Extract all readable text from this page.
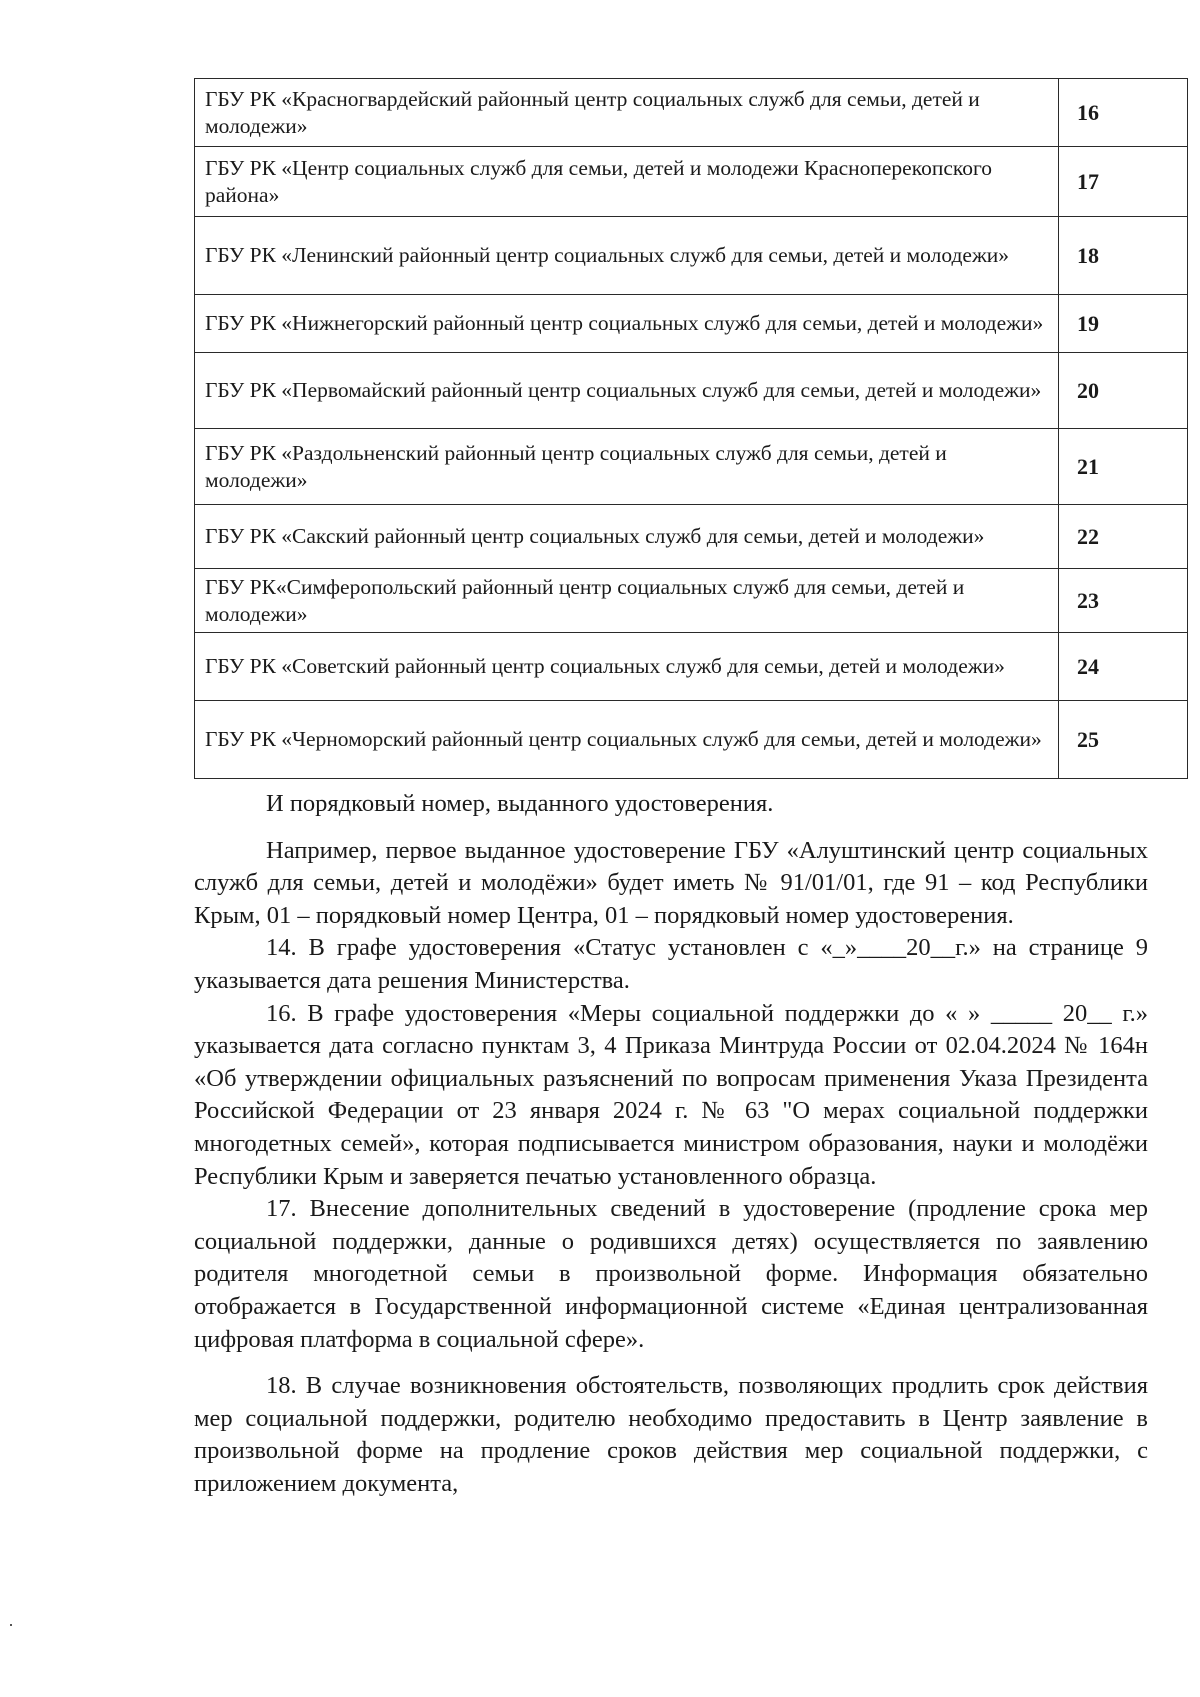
ГБУ РК «Красногвардейский районный центр социальных служб для семьи, детей и молодежи»	16
ГБУ РК «Центр социальных служб для семьи, детей и молодежи Красноперекопского района»	17
ГБУ РК «Ленинский районный центр социальных служб для семьи, детей и молодежи»	18
ГБУ РК «Нижнегорский районный центр социальных служб для семьи, детей и молодежи»	19
ГБУ РК «Первомайский районный центр социальных служб для семьи, детей и молодежи»	20
ГБУ РК «Раздольненский районный центр социальных служб для семьи, детей и молодежи»	21
ГБУ РК «Сакский районный центр социальных служб для семьи, детей и молодежи»	22
ГБУ РК«Симферопольский районный центр социальных служб для семьи, детей и молодежи»	23
ГБУ РК «Советский районный центр социальных служб для семьи, детей и молодежи»	24
ГБУ РК «Черноморский районный центр социальных служб для семьи, детей и молодежи»	25

И порядковый номер, выданного удостоверения.

Например, первое выданное удостоверение ГБУ «Алуштинский центр социальных служб для семьи, детей и молодёжи» будет иметь № 91/01/01, где 91 – код Республики Крым, 01 – порядковый номер Центра, 01 – порядковый номер удостоверения.

14. В графе удостоверения «Статус установлен с «_»____20__г.» на странице 9 указывается дата решения Министерства.

16. В графе удостоверения «Меры социальной поддержки до « » _____ 20__ г.» указывается дата согласно пунктам 3, 4 Приказа Минтруда России от 02.04.2024 № 164н «Об утверждении официальных разъяснений по вопросам применения Указа Президента Российской Федерации от 23 января 2024 г. № 63 "О мерах социальной поддержки многодетных семей», которая подписывается министром образования, науки и молодёжи Республики Крым и заверяется печатью установленного образца.

17. Внесение дополнительных сведений в удостоверение (продление срока мер социальной поддержки, данные о родившихся детях) осуществляется по заявлению родителя многодетной семьи в произвольной форме. Информация обязательно отображается в Государственной информационной системе «Единая централизованная цифровая платформа в социальной сфере».

18. В случае возникновения обстоятельств, позволяющих продлить срок действия мер социальной поддержки, родителю необходимо предоставить в Центр заявление в произвольной форме на продление сроков действия мер социальной поддержки, с приложением документа,
